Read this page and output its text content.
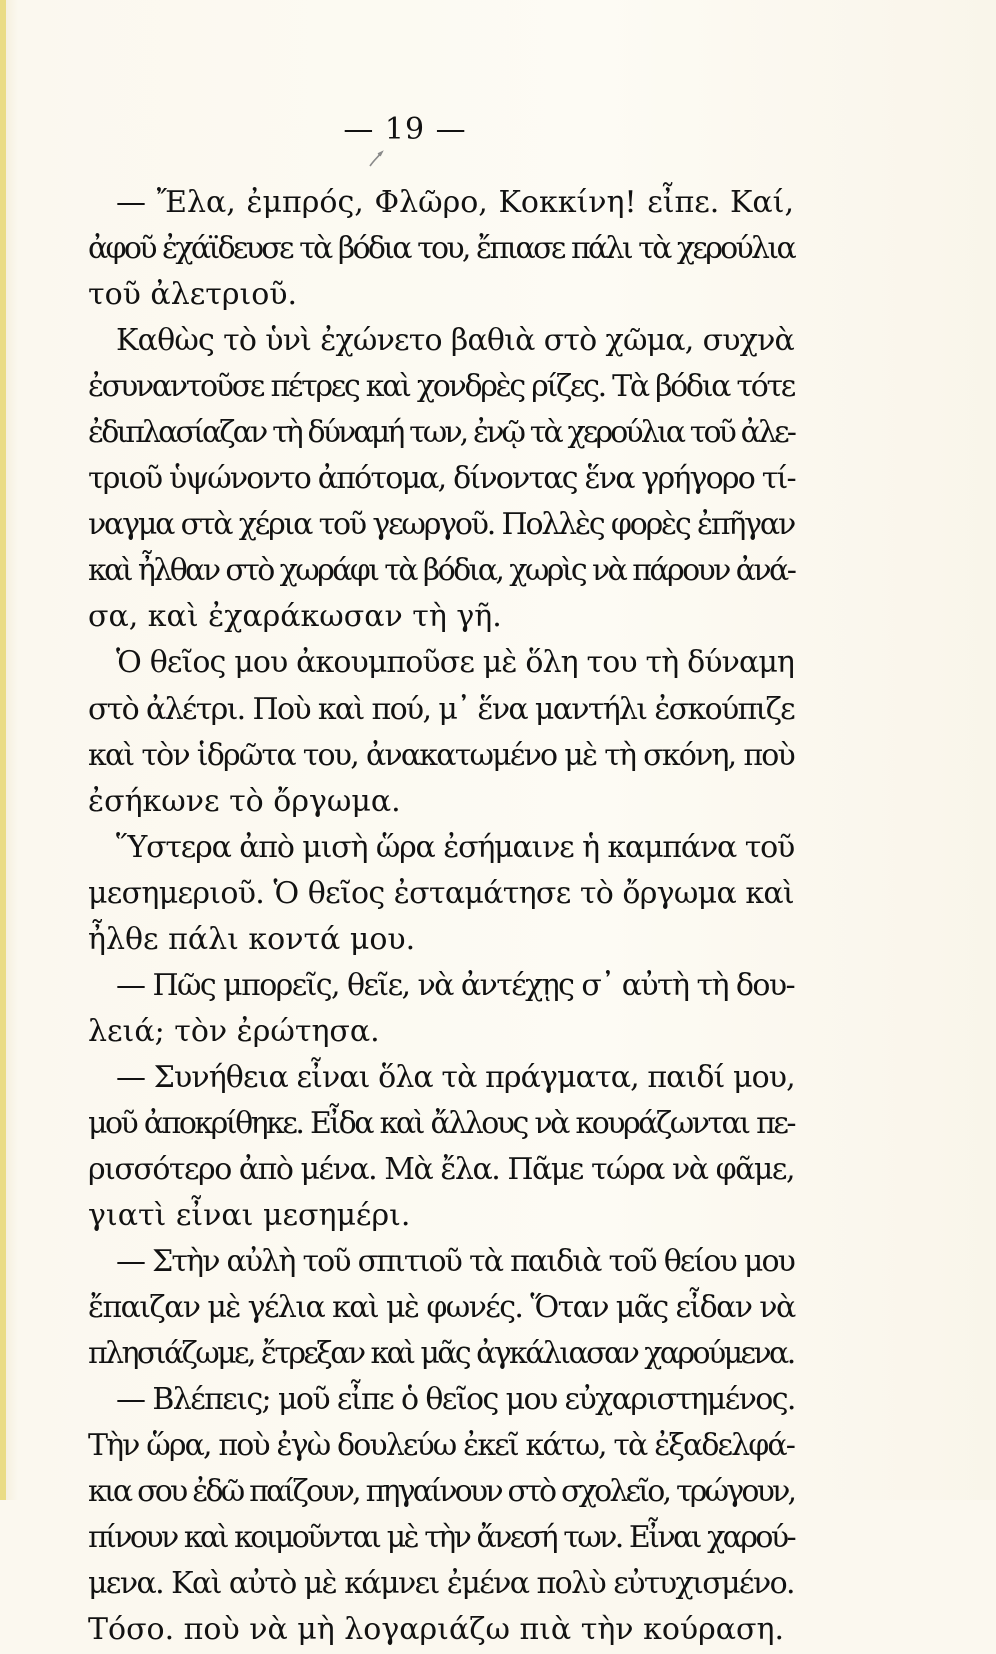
— 19 —
— Ἔλα, ἐμπρός, Φλῶρο, Κοκκίνη! εἶπε. Καί,
ἀφοῦ ἐχάϊδευσε τὰ βόδια του, ἔπιασε πάλι τὰ χερούλια
τοῦ ἀλετριοῦ.
Καθὼς τὸ ὑνὶ ἐχώνετο βαθιὰ στὸ χῶμα, συχνὰ
ἐσυναντοῦσε πέτρες καὶ χονδρὲς ρίζες. Τὰ βόδια τότε
ἐδιπλασίαζαν τὴ δύναμή των, ἐνῷ τὰ χερούλια τοῦ ἀλε-
τριοῦ ὑψώνοντο ἀπότομα, δίνοντας ἕνα γρήγορο τί-
ναγμα στὰ χέρια τοῦ γεωργοῦ. Πολλὲς φορὲς ἐπῆγαν
καὶ ἦλθαν στὸ χωράφι τὰ βόδια, χωρὶς νὰ πάρουν ἀνά-
σα, καὶ ἐχαράκωσαν τὴ γῆ.
Ὁ θεῖος μου ἀκουμποῦσε μὲ ὅλη του τὴ δύναμη
στὸ ἀλέτρι. Ποὺ καὶ πού, μ᾽ ἕνα μαντήλι ἐσκούπιζε
καὶ τὸν ἱδρῶτα του, ἀνακατωμένο μὲ τὴ σκόνη, ποὺ
ἐσήκωνε τὸ ὄργωμα.
Ὕστερα ἀπὸ μισὴ ὥρα ἐσήμαινε ἡ καμπάνα τοῦ
μεσημεριοῦ. Ὁ θεῖος ἐσταμάτησε τὸ ὄργωμα καὶ
ἦλθε πάλι κοντά μου.
— Πῶς μπορεῖς, θεῖε, νὰ ἀντέχῃς σ᾽ αὐτὴ τὴ δου-
λειά; τὸν ἐρώτησα.
— Συνήθεια εἶναι ὅλα τὰ πράγματα, παιδί μου,
μοῦ ἀποκρίθηκε. Εἶδα καὶ ἄλλους νὰ κουράζωνται πε-
ρισσότερο ἀπὸ μένα. Μὰ ἔλα. Πᾶμε τώρα νὰ φᾶμε,
γιατὶ εἶναι μεσημέρι.
— Στὴν αὐλὴ τοῦ σπιτιοῦ τὰ παιδιὰ τοῦ θείου μου
ἔπαιζαν μὲ γέλια καὶ μὲ φωνές. Ὅταν μᾶς εἶδαν νὰ
πλησιάζωμε, ἔτρεξαν καὶ μᾶς ἀγκάλιασαν χαρούμενα.
— Βλέπεις; μοῦ εἶπε ὁ θεῖος μου εὐχαριστημένος.
Τὴν ὥρα, ποὺ ἐγὼ δουλεύω ἐκεῖ κάτω, τὰ ἐξαδελφά-
κια σου ἐδῶ παίζουν, πηγαίνουν στὸ σχολεῖο, τρώγουν,
πίνουν καὶ κοιμοῦνται μὲ τὴν ἄνεσή των. Εἶναι χαρού-
μενα. Καὶ αὐτὸ μὲ κάμνει ἐμένα πολὺ εὐτυχισμένο.
Τόσο. ποὺ νὰ μὴ λογαριάζω πιὰ τὴν κούραση.
